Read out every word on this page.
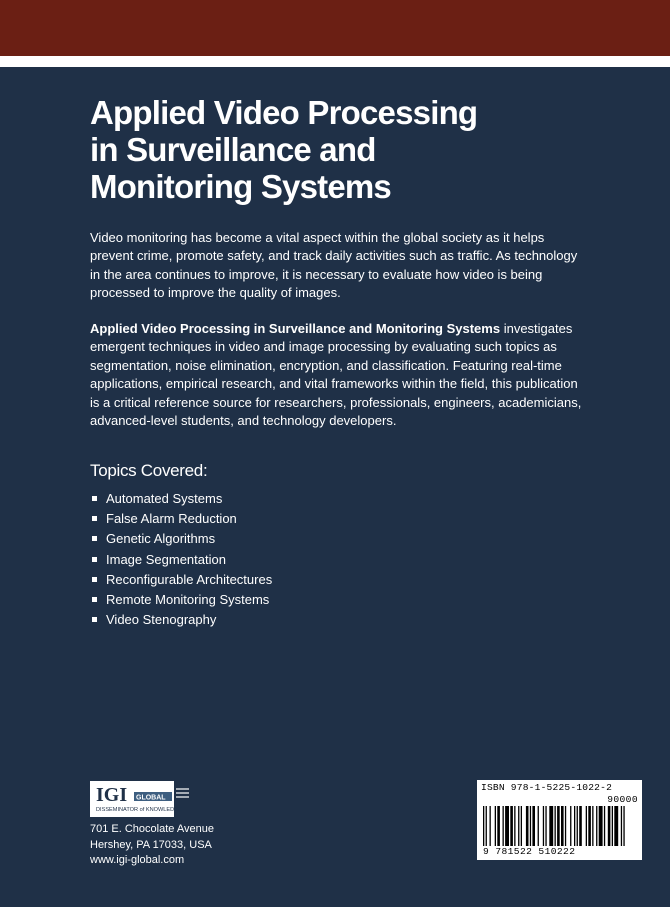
Applied Video Processing
in Surveillance and
Monitoring Systems

Video monitoring has become a vital aspect within the global society as it helps prevent crime, promote safety, and track daily activities such as traffic. As technology in the area continues to improve, it is necessary to evaluate how video is being processed to improve the quality of images.

Applied Video Processing in Surveillance and Monitoring Systems investigates emergent techniques in video and image processing by evaluating such topics as segmentation, noise elimination, encryption, and classification. Featuring real-time applications, empirical research, and vital frameworks within the field, this publication is a critical reference source for researchers, professionals, engineers, academicians, advanced-level students, and technology developers.

Topics Covered:
Automated Systems
False Alarm Reduction
Genetic Algorithms
Image Segmentation
Reconfigurable Architectures
Remote Monitoring Systems
Video Stenography
IGI GLOBAL
DISSEMINATOR of KNOWLEDGE
701 E. Chocolate Avenue
Hershey, PA 17033, USA
www.igi-global.com
ISBN 978-1-5225-1022-2
90000
9 781522 510222
